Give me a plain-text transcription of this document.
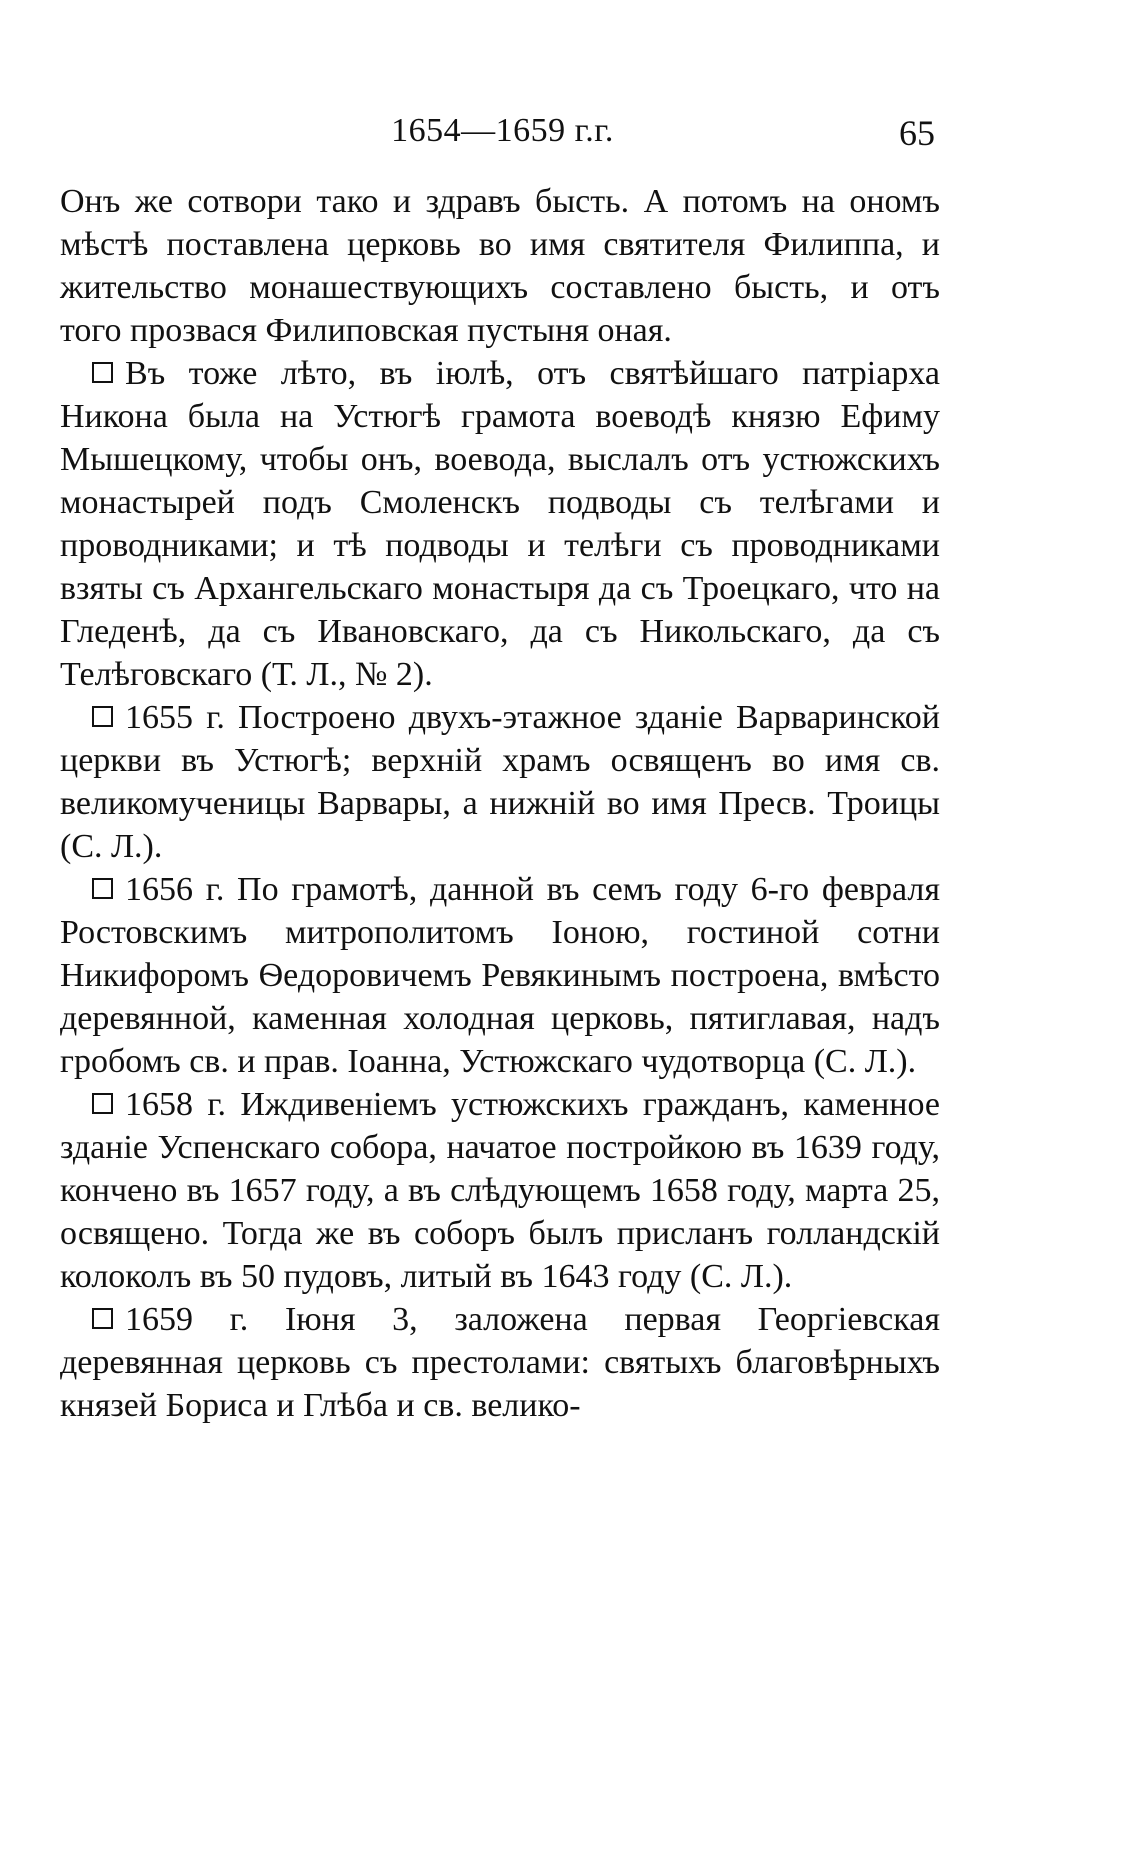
1654—1659 г.г.	65

Онъ же сотвори тако и здравъ бысть. А потомъ на ономъ мѣстѣ поставлена церковь во имя святителя Филиппа, и жительство монашествующихъ составлено бысть, и отъ того прозвася Филиповская пустыня оная.

Въ тоже лѣто, въ iюлѣ, отъ святѣйшаго патрiарха Никона была на Устюгѣ грамота воеводѣ князю Ефиму Мышецкому, чтобы онъ, воевода, выслалъ отъ устюжскихъ монастырей подъ Смоленскъ подводы съ телѣгами и проводниками; и тѣ подводы и телѣги съ проводниками взяты съ Архангельскаго монастыря да съ Троецкаго, что на Гледенѣ, да съ Ивановскаго, да съ Никольскаго, да съ Телѣговскаго (Т. Л., № 2).

1655 г. Построено двухъ-этажное зданiе Варваринской церкви въ Устюгѣ; верхнiй храмъ освященъ во имя св. великомученицы Варвары, а нижнiй во имя Пресв. Троицы (С. Л.).

1656 г. По грамотѣ, данной въ семъ году 6-го февраля Ростовскимъ митрополитомъ Iоною, гостиной сотни Никифоромъ Ѳедоровичемъ Ревякинымъ построена, вмѣсто деревянной, каменная холодная церковь, пятиглавая, надъ гробомъ св. и прав. Iоанна, Устюжскаго чудотворца (С. Л.).

1658 г. Иждивенiемъ устюжскихъ гражданъ, каменное зданiе Успенскаго собора, начатое постройкою въ 1639 году, кончено въ 1657 году, а въ слѣдующемъ 1658 году, марта 25, освящено. Тогда же въ соборъ былъ присланъ голландскiй колоколъ въ 50 пудовъ, литый въ 1643 году (С. Л.).

1659 г. Iюня 3, заложена первая Георгiевская деревянная церковь съ престолами: святыхъ благовѣрныхъ князей Бориса и Глѣба и св. велико-
